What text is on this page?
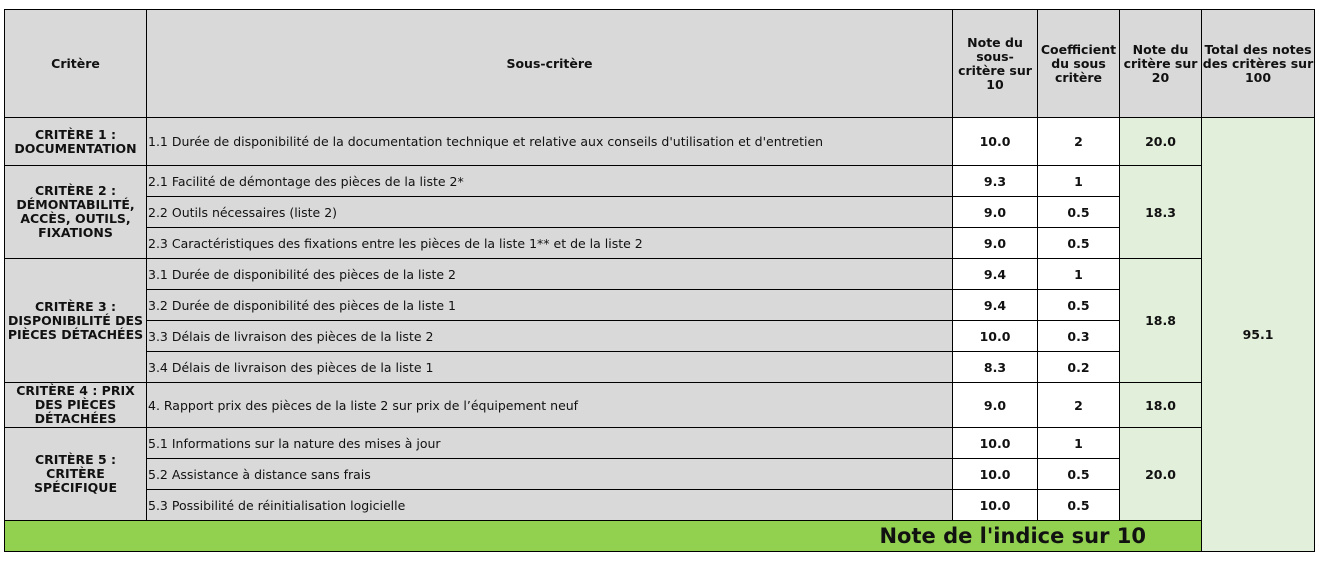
Critère	Sous-critère	Note du sous-critère sur 10	Coefficient du sous critère	Note du critère sur 20	Total des notes des critères sur 100	
CRITÈRE 1 : DOCUMENTATION	1.1 Durée de disponibilité de la documentation technique et relative aux conseils d'utilisation et d'entretien	10.0	2	20.0	95.1	
CRITÈRE 2 : DÉMONTABILITÉ, ACCÈS, OUTILS, FIXATIONS	2.1 Facilité de démontage des pièces de la liste 2*	9.3	1	18.3		
	2.2 Outils nécessaires (liste 2)	9.0	0.5			
	2.3 Caractéristiques des fixations entre les pièces de la liste 1** et de la liste 2	9.0	0.5			
CRITÈRE 3 : DISPONIBILITÉ DES PIÈCES DÉTACHÉES	3.1 Durée de disponibilité des pièces de la liste 2	9.4	1	18.8		
	3.2 Durée de disponibilité des pièces de la liste 1	9.4	0.5			
	3.3 Délais de livraison des pièces de la liste 2	10.0	0.3			
	3.4 Délais de livraison des pièces de la liste 1	8.3	0.2			

CRITÈRE 4 : PRIX DES PIÈCES DÉTACHÉES	4. Rapport prix des pièces de la liste 2 sur prix de l’équipement neuf	9.0	2	18.0		
CRITÈRE 5 : CRITÈRE SPÉCIFIQUE	5.1 Informations sur la nature des mises à jour	10.0	1	20.0		
	5.2 Assistance à distance sans frais	10.0	0.5			
	5.3 Possibilité de réinitialisation logicielle	10.0	0.5			
Note de l'indice sur 10	
